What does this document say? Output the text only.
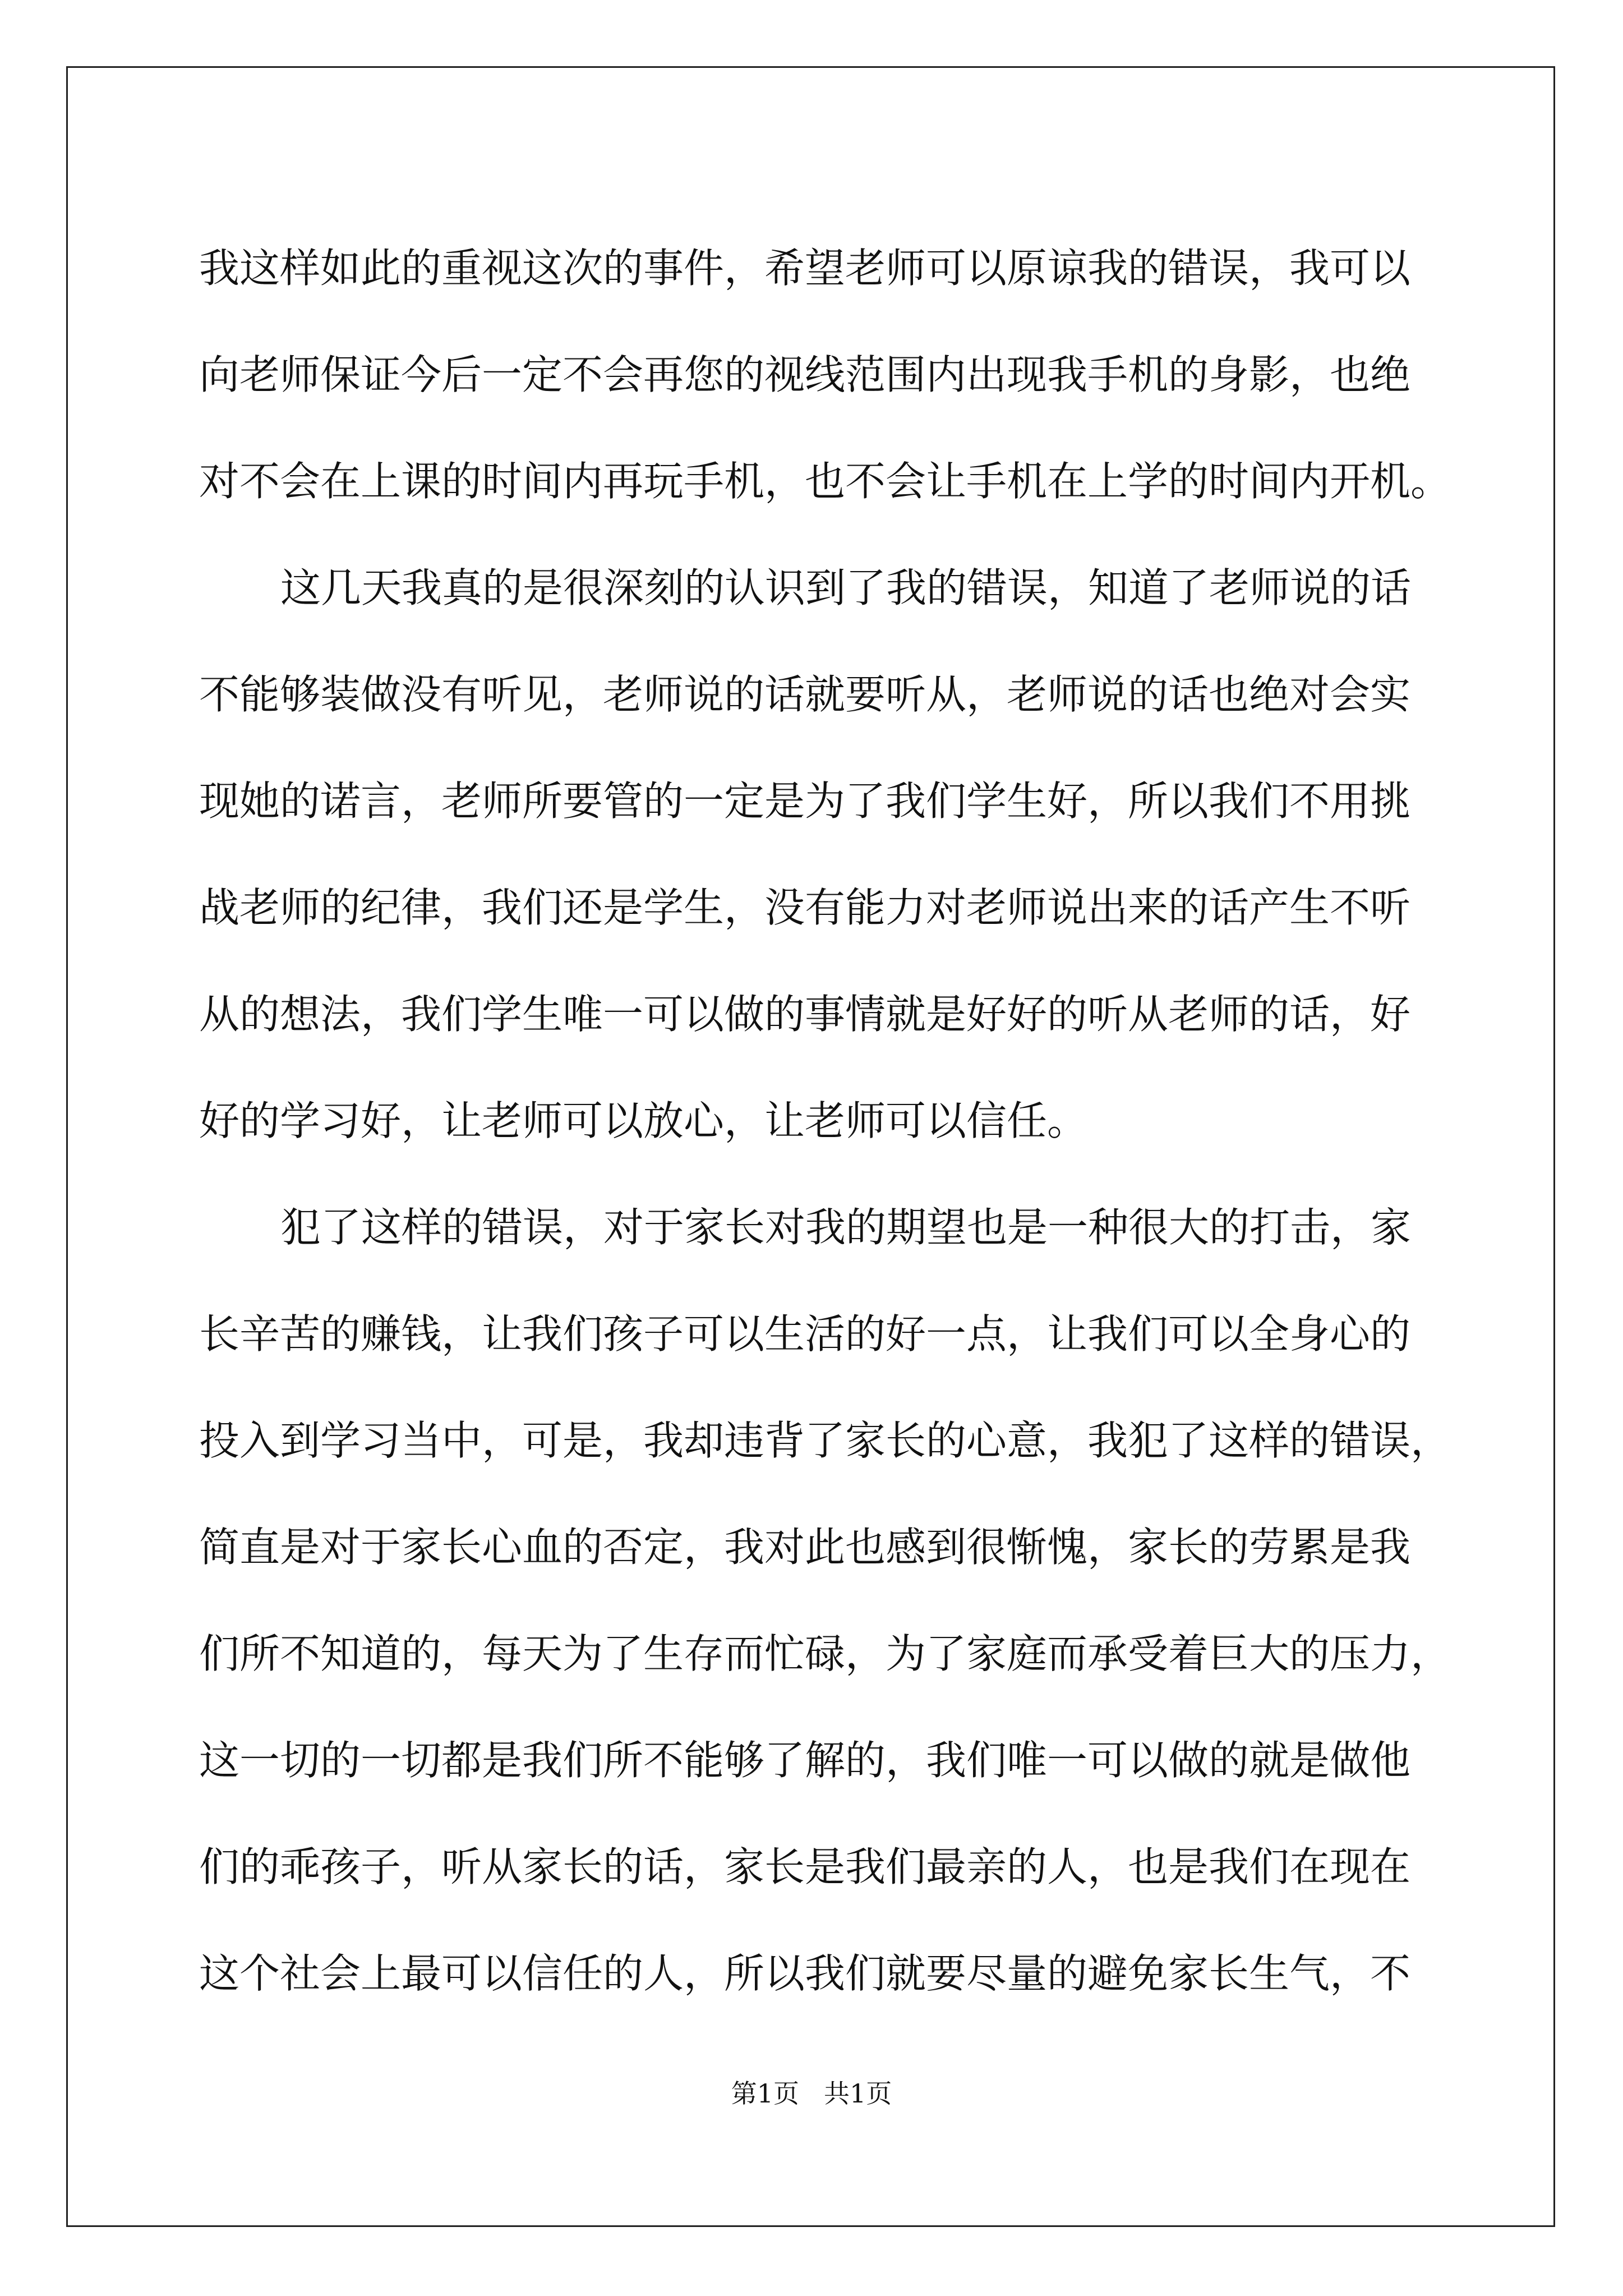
我这样如此的重视这次的事件，希望老师可以原谅我的错误，我可以
向老师保证今后一定不会再您的视线范围内出现我手机的身影，也绝
对不会在上课的时间内再玩手机，也不会让手机在上学的时间内开机。
这几天我真的是很深刻的认识到了我的错误，知道了老师说的话
不能够装做没有听见，老师说的话就要听从，老师说的话也绝对会实
现她的诺言，老师所要管的一定是为了我们学生好，所以我们不用挑
战老师的纪律，我们还是学生，没有能力对老师说出来的话产生不听
从的想法，我们学生唯一可以做的事情就是好好的听从老师的话，好
好的学习好，让老师可以放心，让老师可以信任。
犯了这样的错误，对于家长对我的期望也是一种很大的打击，家
长辛苦的赚钱，让我们孩子可以生活的好一点，让我们可以全身心的
投入到学习当中，可是，我却违背了家长的心意，我犯了这样的错误，
简直是对于家长心血的否定，我对此也感到很惭愧，家长的劳累是我
们所不知道的，每天为了生存而忙碌，为了家庭而承受着巨大的压力，
这一切的一切都是我们所不能够了解的，我们唯一可以做的就是做他
们的乖孩子，听从家长的话，家长是我们最亲的人，也是我们在现在
这个社会上最可以信任的人，所以我们就要尽量的避免家长生气，不
第1页 共1页
